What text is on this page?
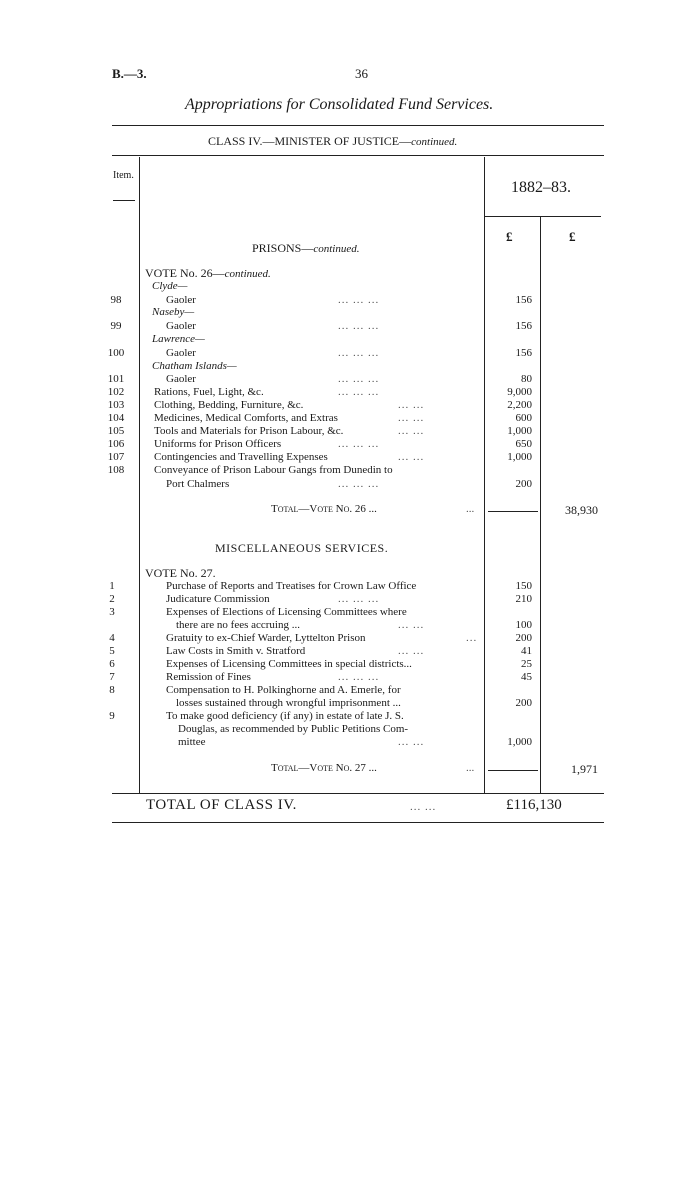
B.—3.	36
Appropriations for Consolidated Fund Services.
CLASS IV.—MINISTER OF JUSTICE—continued.
Item.
1882–83.
£	£
PRISONS—continued.
VOTE No. 26—continued.
Clyde—
98	Gaoler	... ... ...	156
Naseby—
99	Gaoler	... ... ...	156
Lawrence—
100	Gaoler	... ... ...	156
Chatham Islands—
101	Gaoler	... ... ...	80
102	Rations, Fuel, Light, &c.	... ... ...	9,000
103	Clothing, Bedding, Furniture, &c.	... ...	2,200
104	Medicines, Medical Comforts, and Extras	... ...	600
105	Tools and Materials for Prison Labour, &c.	... ...	1,000
106	Uniforms for Prison Officers	... ... ...	650
107	Contingencies and Travelling Expenses	... ...	1,000
108	Conveyance of Prison Labour Gangs from Dunedin to
Port Chalmers	... ... ...	200
Total—Vote No. 26 ...	...	38,930
MISCELLANEOUS SERVICES.
VOTE No. 27.
1	Purchase of Reports and Treatises for Crown Law Office	150
2	Judicature Commission	... ... ...	210
3	Expenses of Elections of Licensing Committees where
there are no fees accruing ...	... ...	100
4	Gratuity to ex-Chief Warder, Lyttelton Prison	...	200
5	Law Costs in Smith v. Stratford	... ...	41
6	Expenses of Licensing Committees in special districts...	25
7	Remission of Fines	... ... ...	45
8	Compensation to H. Polkinghorne and A. Emerle, for
losses sustained through wrongful imprisonment ...	200
9	To make good deficiency (if any) in estate of late J. S.
Douglas, as recommended by Public Petitions Com-
mittee	... ...	1,000
Total—Vote No. 27 ...	...	1,971
TOTAL OF CLASS IV.	... ...	£116,130
